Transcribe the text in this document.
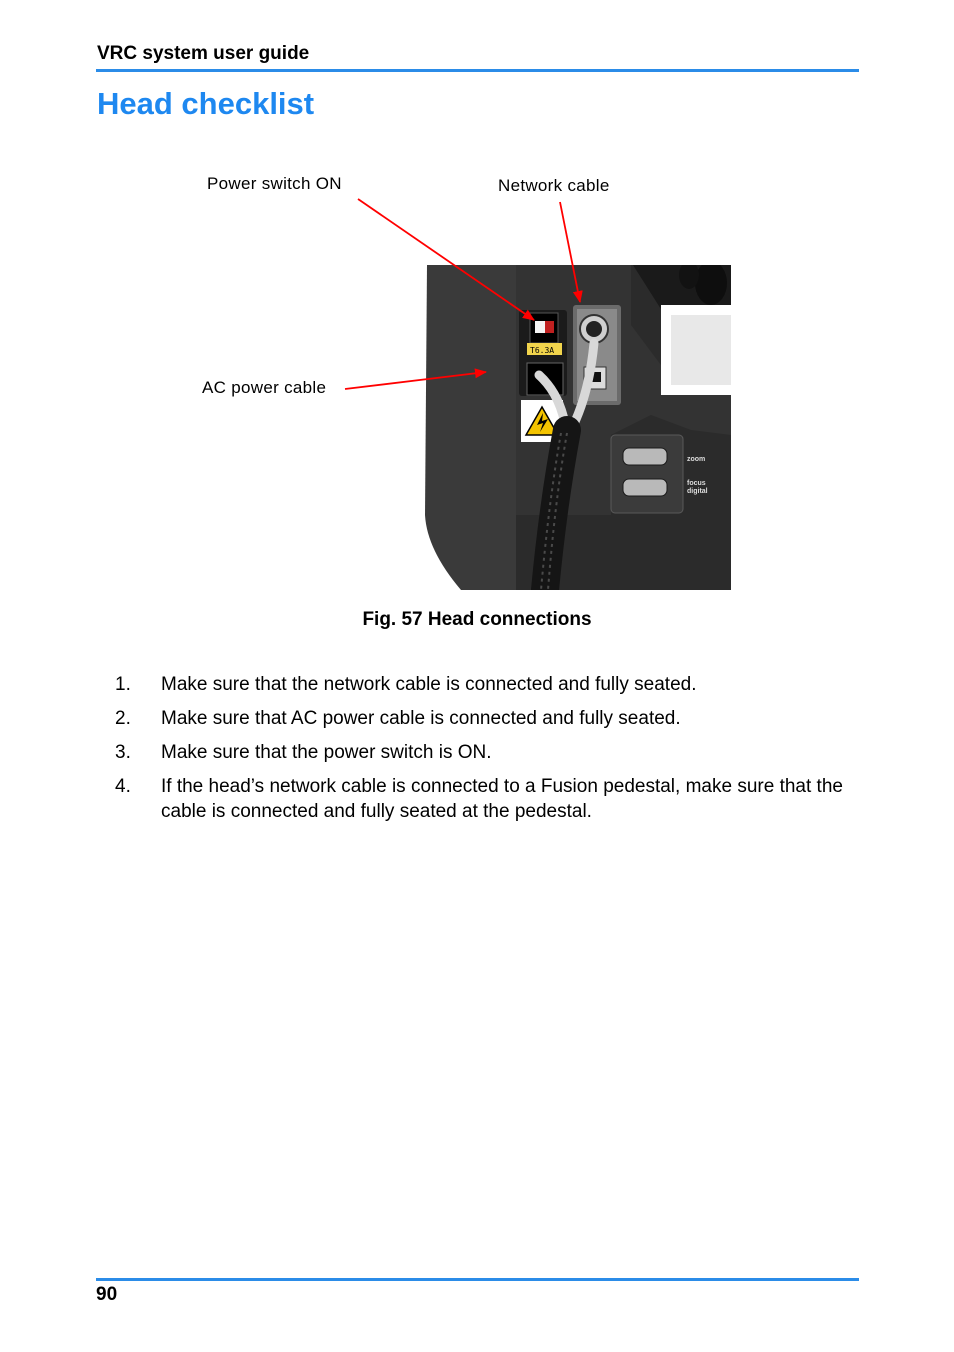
VRC system user guide
Head checklist
Power switch ON	Network cable
AC power cable
T6.3A
zoom
focus
digital
Fig. 57 Head connections
1. Make sure that the network cable is connected and fully seated.
2. Make sure that AC power cable is connected and fully seated.
3. Make sure that the power switch is ON.
4. If the head’s network cable is connected to a Fusion pedestal, make sure that the cable is connected and fully seated at the pedestal.
90
